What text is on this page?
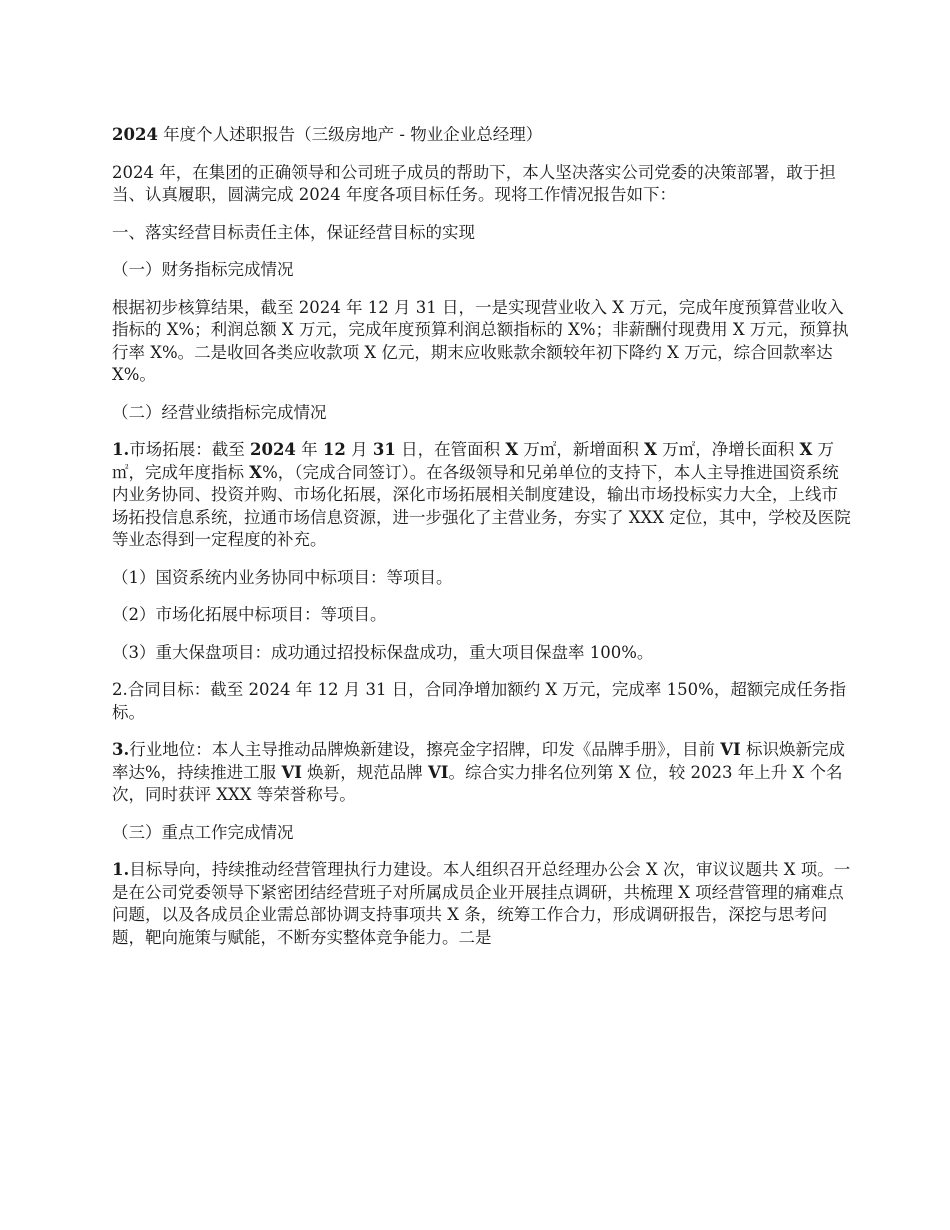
2024 年度个人述职报告（三级房地产 - 物业企业总经理）

2024 年，在集团的正确领导和公司班子成员的帮助下，本人坚决落实公司党委的决策部署，敢于担当、认真履职，圆满完成 2024 年度各项目标任务。现将工作情况报告如下：

一、落实经营目标责任主体，保证经营目标的实现

（一）财务指标完成情况

根据初步核算结果，截至 2024 年 12 月 31 日，一是实现营业收入 X 万元，完成年度预算营业收入指标的 X%；利润总额 X 万元，完成年度预算利润总额指标的 X%；非薪酬付现费用 X 万元，预算执行率 X%。二是收回各类应收款项 X 亿元，期末应收账款余额较年初下降约 X 万元，综合回款率达 X%。

（二）经营业绩指标完成情况

1.市场拓展：截至 2024 年 12 月 31 日，在管面积 X 万㎡，新增面积 X 万㎡，净增长面积 X 万㎡，完成年度指标 X%，（完成合同签订）。在各级领导和兄弟单位的支持下，本人主导推进国资系统内业务协同、投资并购、市场化拓展，深化市场拓展相关制度建设，输出市场投标实力大全，上线市场拓投信息系统，拉通市场信息资源，进一步强化了主营业务，夯实了 XXX 定位，其中，学校及医院等业态得到一定程度的补充。

（1）国资系统内业务协同中标项目：等项目。

（2）市场化拓展中标项目：等项目。

（3）重大保盘项目：成功通过招投标保盘成功，重大项目保盘率 100%。

2.合同目标：截至 2024 年 12 月 31 日，合同净增加额约 X 万元，完成率 150%，超额完成任务指标。

3.行业地位：本人主导推动品牌焕新建设，擦亮金字招牌，印发《品牌手册》，目前 VI 标识焕新完成率达%，持续推进工服 VI 焕新，规范品牌 VI。综合实力排名位列第 X 位，较 2023 年上升 X 个名次，同时获评 XXX 等荣誉称号。

（三）重点工作完成情况

1.目标导向，持续推动经营管理执行力建设。本人组织召开总经理办公会 X 次，审议议题共 X 项。一是在公司党委领导下紧密团结经营班子对所属成员企业开展挂点调研，共梳理 X 项经营管理的痛难点问题，以及各成员企业需总部协调支持事项共 X 条，统筹工作合力，形成调研报告，深挖与思考问题，靶向施策与赋能，不断夯实整体竞争能力。二是
